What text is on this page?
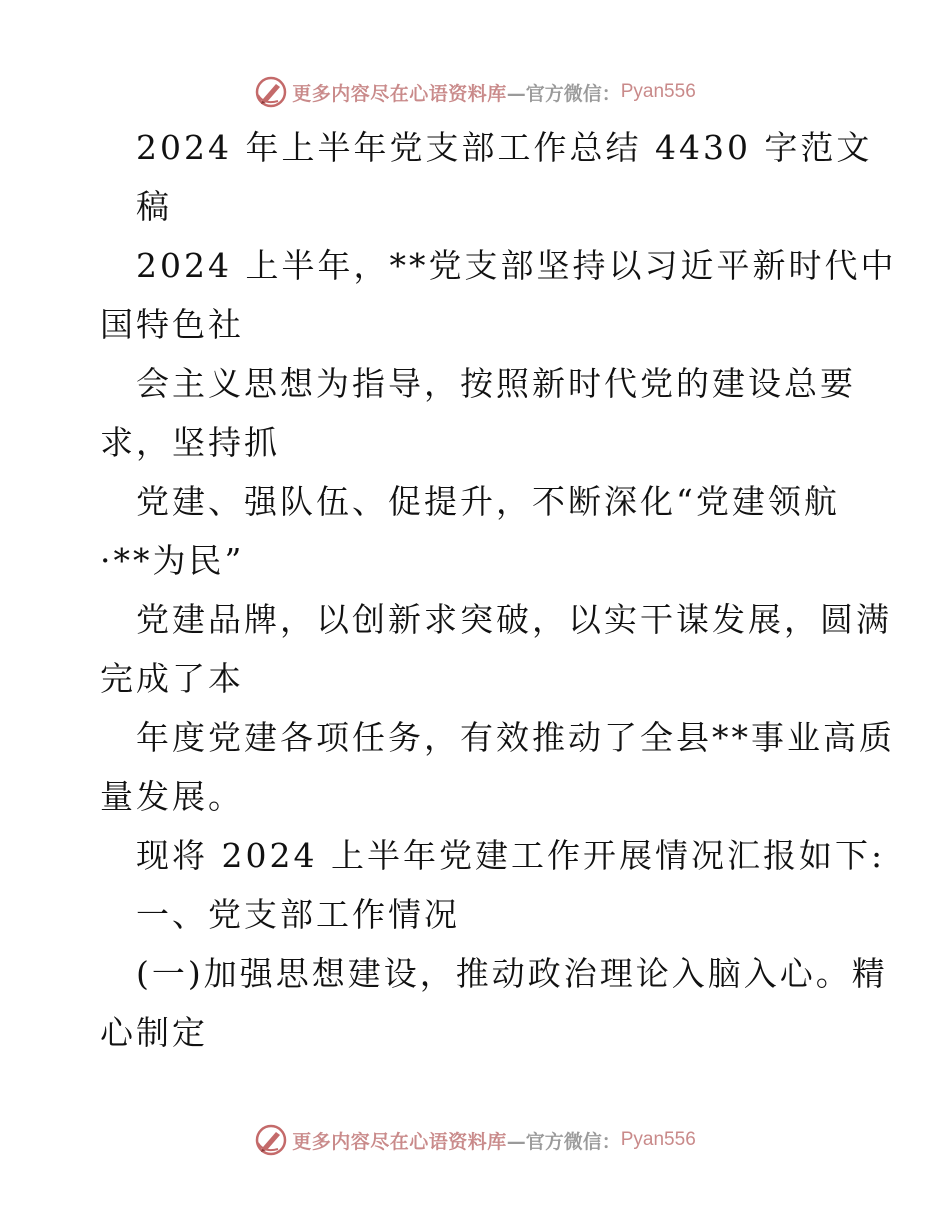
更多内容尽在心语资料库 —官方微信： Pyan556
2024 年上半年党支部工作总结 4430 字范文
稿
2024 上半年，**党支部坚持以习近平新时代中
国特色社
会主义思想为指导，按照新时代党的建设总要
求，坚持抓
党建、强队伍、促提升，不断深化“党建领航
·**为民”
党建品牌，以创新求突破，以实干谋发展，圆满
完成了本
年度党建各项任务，有效推动了全县**事业高质
量发展。
现将 2024 上半年党建工作开展情况汇报如下:
一、党支部工作情况
(一)加强思想建设，推动政治理论入脑入心。精
心制定
更多内容尽在心语资料库 —官方微信： Pyan556
